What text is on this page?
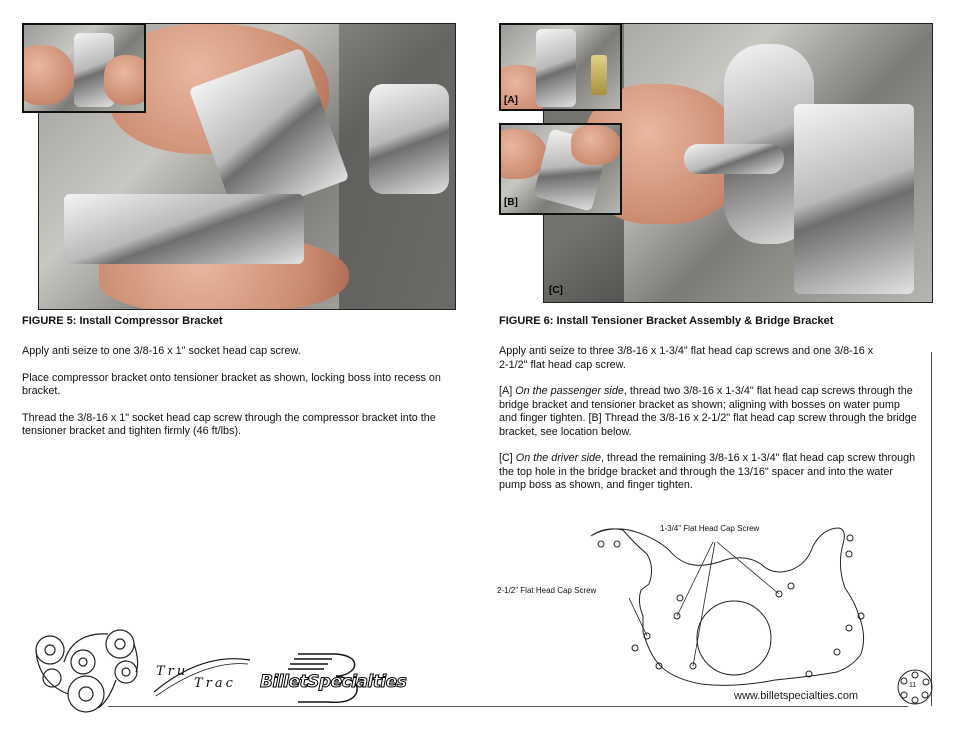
FIGURE 5: Install Compressor Bracket

Apply anti seize to one 3/8-16 x 1" socket head cap screw.

Place compressor bracket onto tensioner bracket as shown, locking boss into recess on bracket.

Thread the 3/8-16 x 1" socket head cap screw through the compressor bracket into the tensioner bracket and tighten firmly (46 ft/lbs).

Tru
Trac BilletSpecialties
[A]
[B]
[C]
FIGURE 6: Install Tensioner Bracket Assembly & Bridge Bracket

Apply anti seize to three 3/8-16 x 1-3/4" flat head cap screws and one 3/8-16 x 2-1/2" flat head cap screw.

[A] On the passenger side, thread two 3/8-16 x 1-3/4" flat head cap screws through the bridge bracket and tensioner bracket as shown; aligning with bosses on water pump and finger tighten. [B] Thread the 3/8-16 x 2-1/2" flat head cap screw through the bridge bracket, see location below.

[C] On the driver side, thread the remaining 3/8-16 x 1-3/4" flat head cap screw through the top hole in the bridge bracket and through the 13/16" spacer and into the water pump boss as shown, and finger tighten.

1-3/4" Flat Head Cap Screw
2-1/2" Flat Head Cap Screw
www.billetspecialties.com
11
